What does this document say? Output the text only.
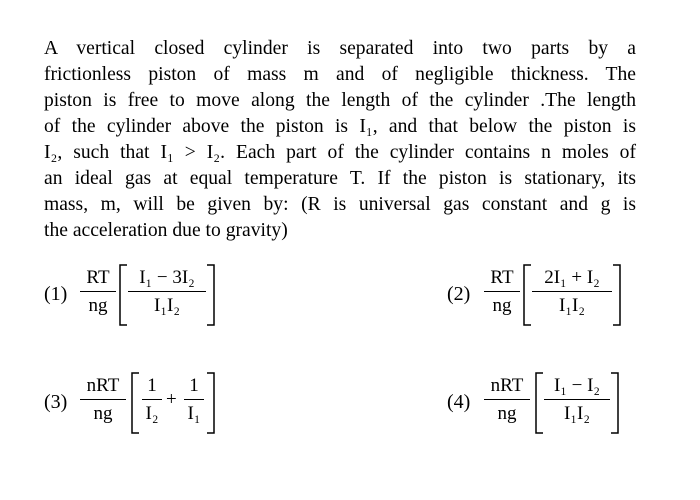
A vertical closed cylinder is separated into two parts by a
frictionless piston of mass m and of negligible thickness. The
piston is free to move along the length of the cylinder .The length
of the cylinder above the piston is I₁, and that below the piston is
I₂, such that I₁ > I₂. Each part of the cylinder contains n moles of
an ideal gas at equal temperature T. If the piston is stationary, its
mass, m, will be given by: (R is universal gas constant and g is
the acceleration due to gravity)
(1)
RT
ng
I₁ − 3I₂
I₁I₂
(2)
RT
ng
2I₁ + I₂
I₁I₂
(3)
nRT
ng
1
I₂
+
1
I₁
(4)
nRT
ng
I₁ − I₂
I₁I₂
